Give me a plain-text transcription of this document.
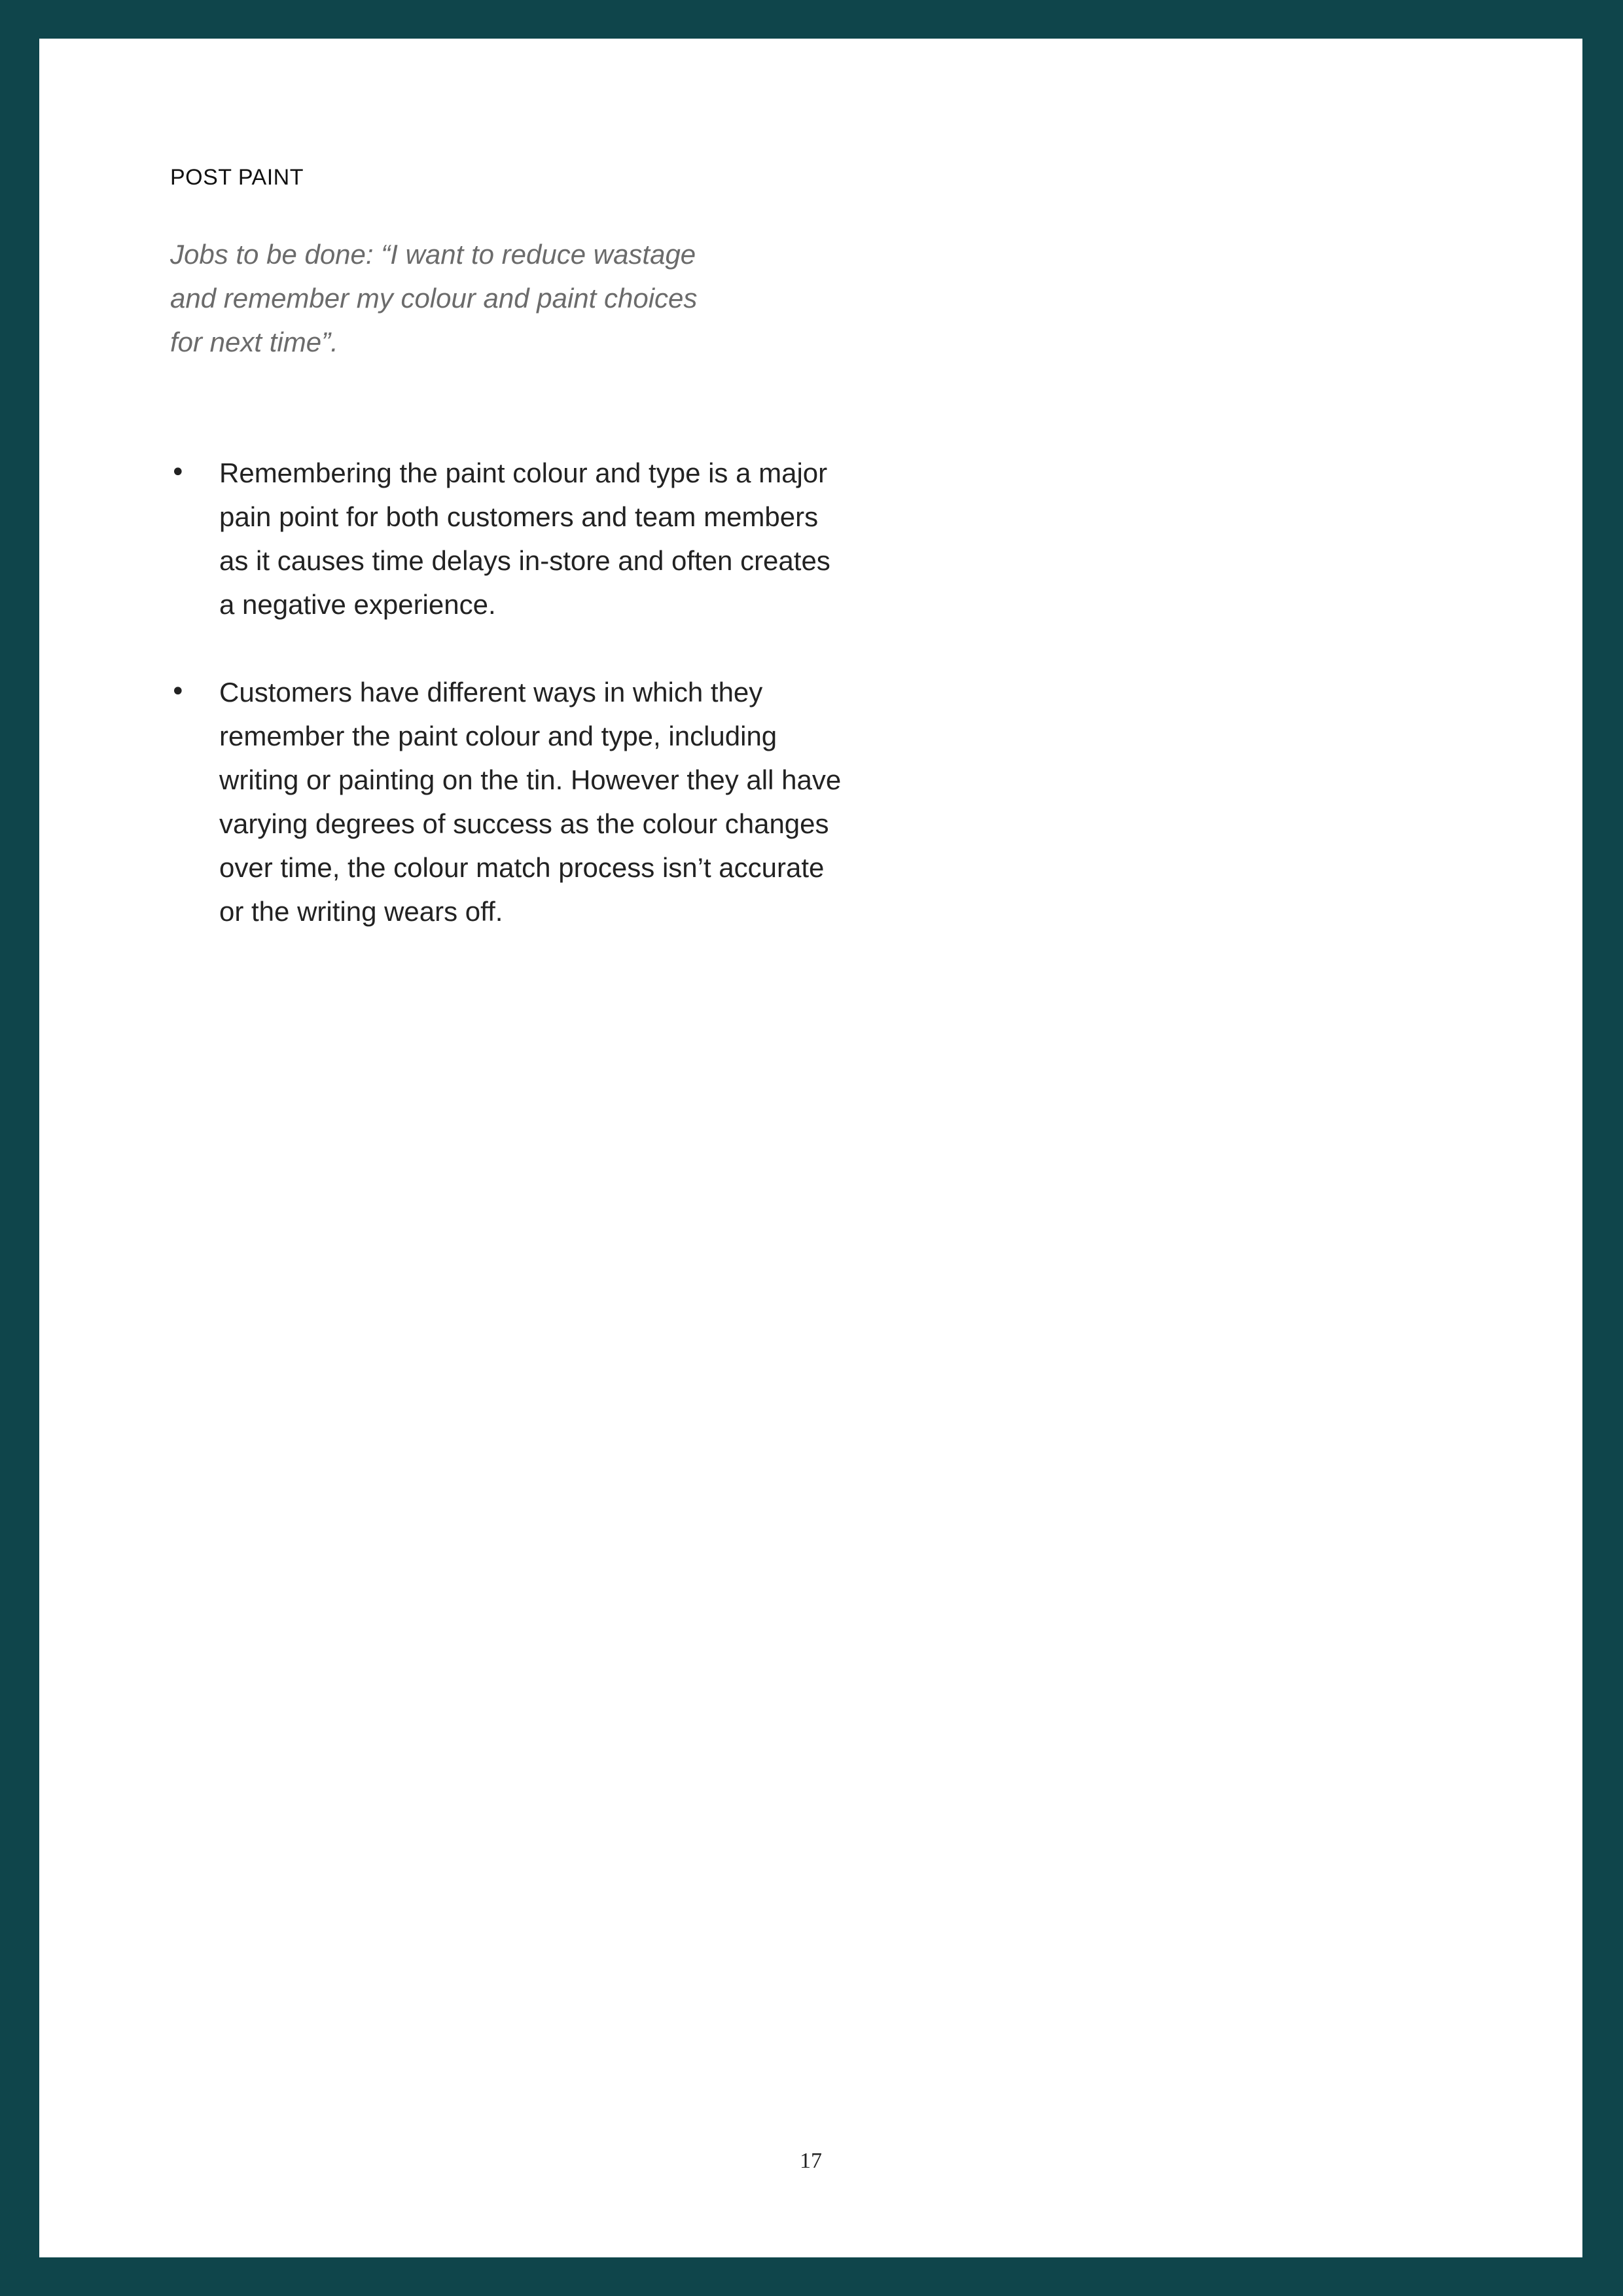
POST PAINT

Jobs to be done: “I want to reduce wastage and remember my colour and paint choices for next time”.

•	Remembering the paint colour and type is a major pain point for both customers and team members as it causes time delays in-store and often creates a negative experience.
•	Customers have different ways in which they remember the paint colour and type, including writing or painting on the tin. However they all have varying degrees of success as the colour changes over time, the colour match process isn’t accurate or the writing wears off.
17
